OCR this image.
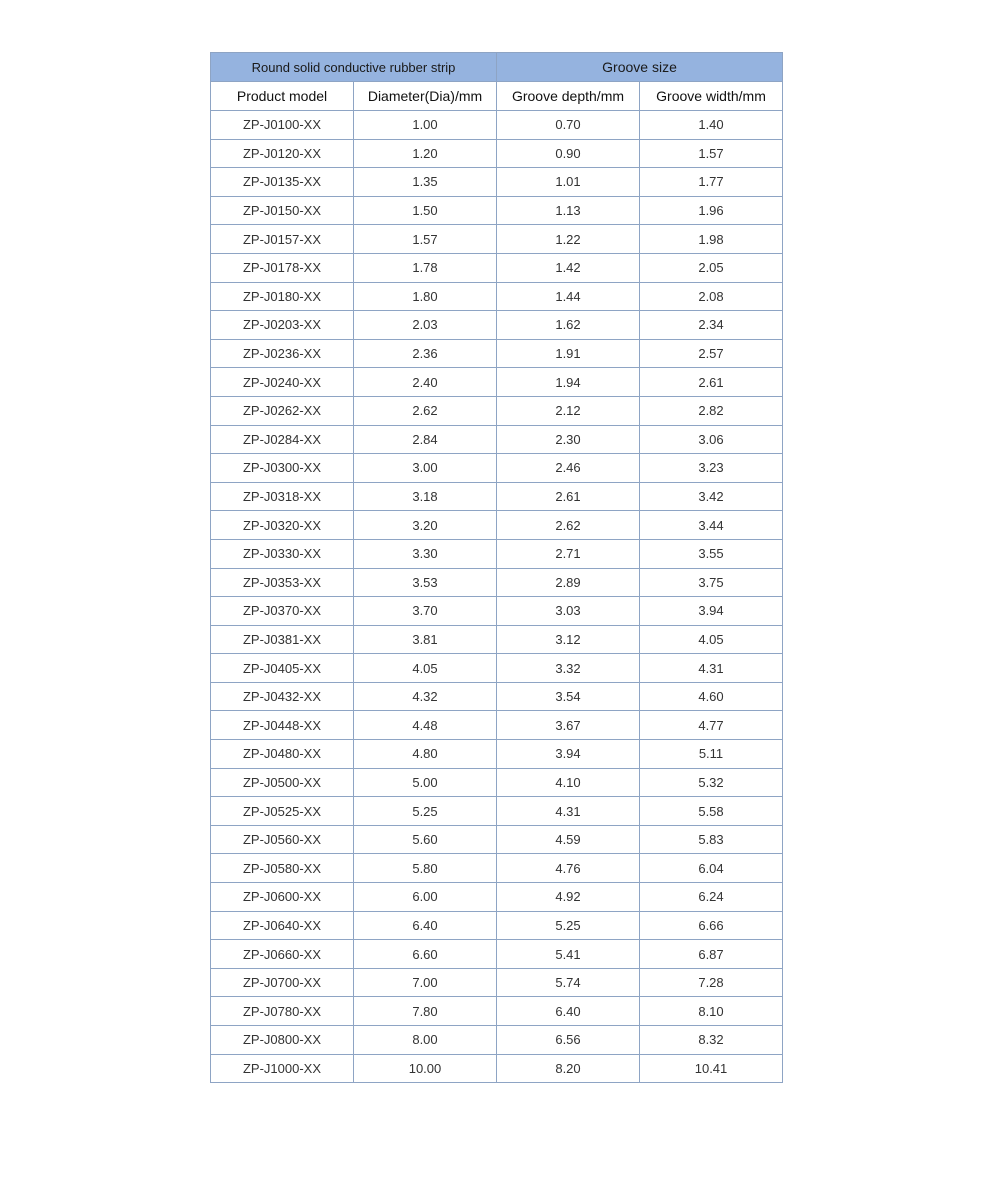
Round solid conductive rubber strip		Groove size	
Product model	Diameter(Dia)/mm	Groove depth/mm	Groove width/mm
ZP-J0100-XX	1.00	0.70	1.40
ZP-J0120-XX	1.20	0.90	1.57
ZP-J0135-XX	1.35	1.01	1.77
ZP-J0150-XX	1.50	1.13	1.96
ZP-J0157-XX	1.57	1.22	1.98
ZP-J0178-XX	1.78	1.42	2.05
ZP-J0180-XX	1.80	1.44	2.08
ZP-J0203-XX	2.03	1.62	2.34
ZP-J0236-XX	2.36	1.91	2.57
ZP-J0240-XX	2.40	1.94	2.61
ZP-J0262-XX	2.62	2.12	2.82
ZP-J0284-XX	2.84	2.30	3.06
ZP-J0300-XX	3.00	2.46	3.23
ZP-J0318-XX	3.18	2.61	3.42
ZP-J0320-XX	3.20	2.62	3.44
ZP-J0330-XX	3.30	2.71	3.55
ZP-J0353-XX	3.53	2.89	3.75
ZP-J0370-XX	3.70	3.03	3.94
ZP-J0381-XX	3.81	3.12	4.05
ZP-J0405-XX	4.05	3.32	4.31
ZP-J0432-XX	4.32	3.54	4.60
ZP-J0448-XX	4.48	3.67	4.77
ZP-J0480-XX	4.80	3.94	5.11
ZP-J0500-XX	5.00	4.10	5.32
ZP-J0525-XX	5.25	4.31	5.58
ZP-J0560-XX	5.60	4.59	5.83
ZP-J0580-XX	5.80	4.76	6.04
ZP-J0600-XX	6.00	4.92	6.24
ZP-J0640-XX	6.40	5.25	6.66
ZP-J0660-XX	6.60	5.41	6.87
ZP-J0700-XX	7.00	5.74	7.28
ZP-J0780-XX	7.80	6.40	8.10
ZP-J0800-XX	8.00	6.56	8.32
ZP-J1000-XX	10.00	8.20	10.41
